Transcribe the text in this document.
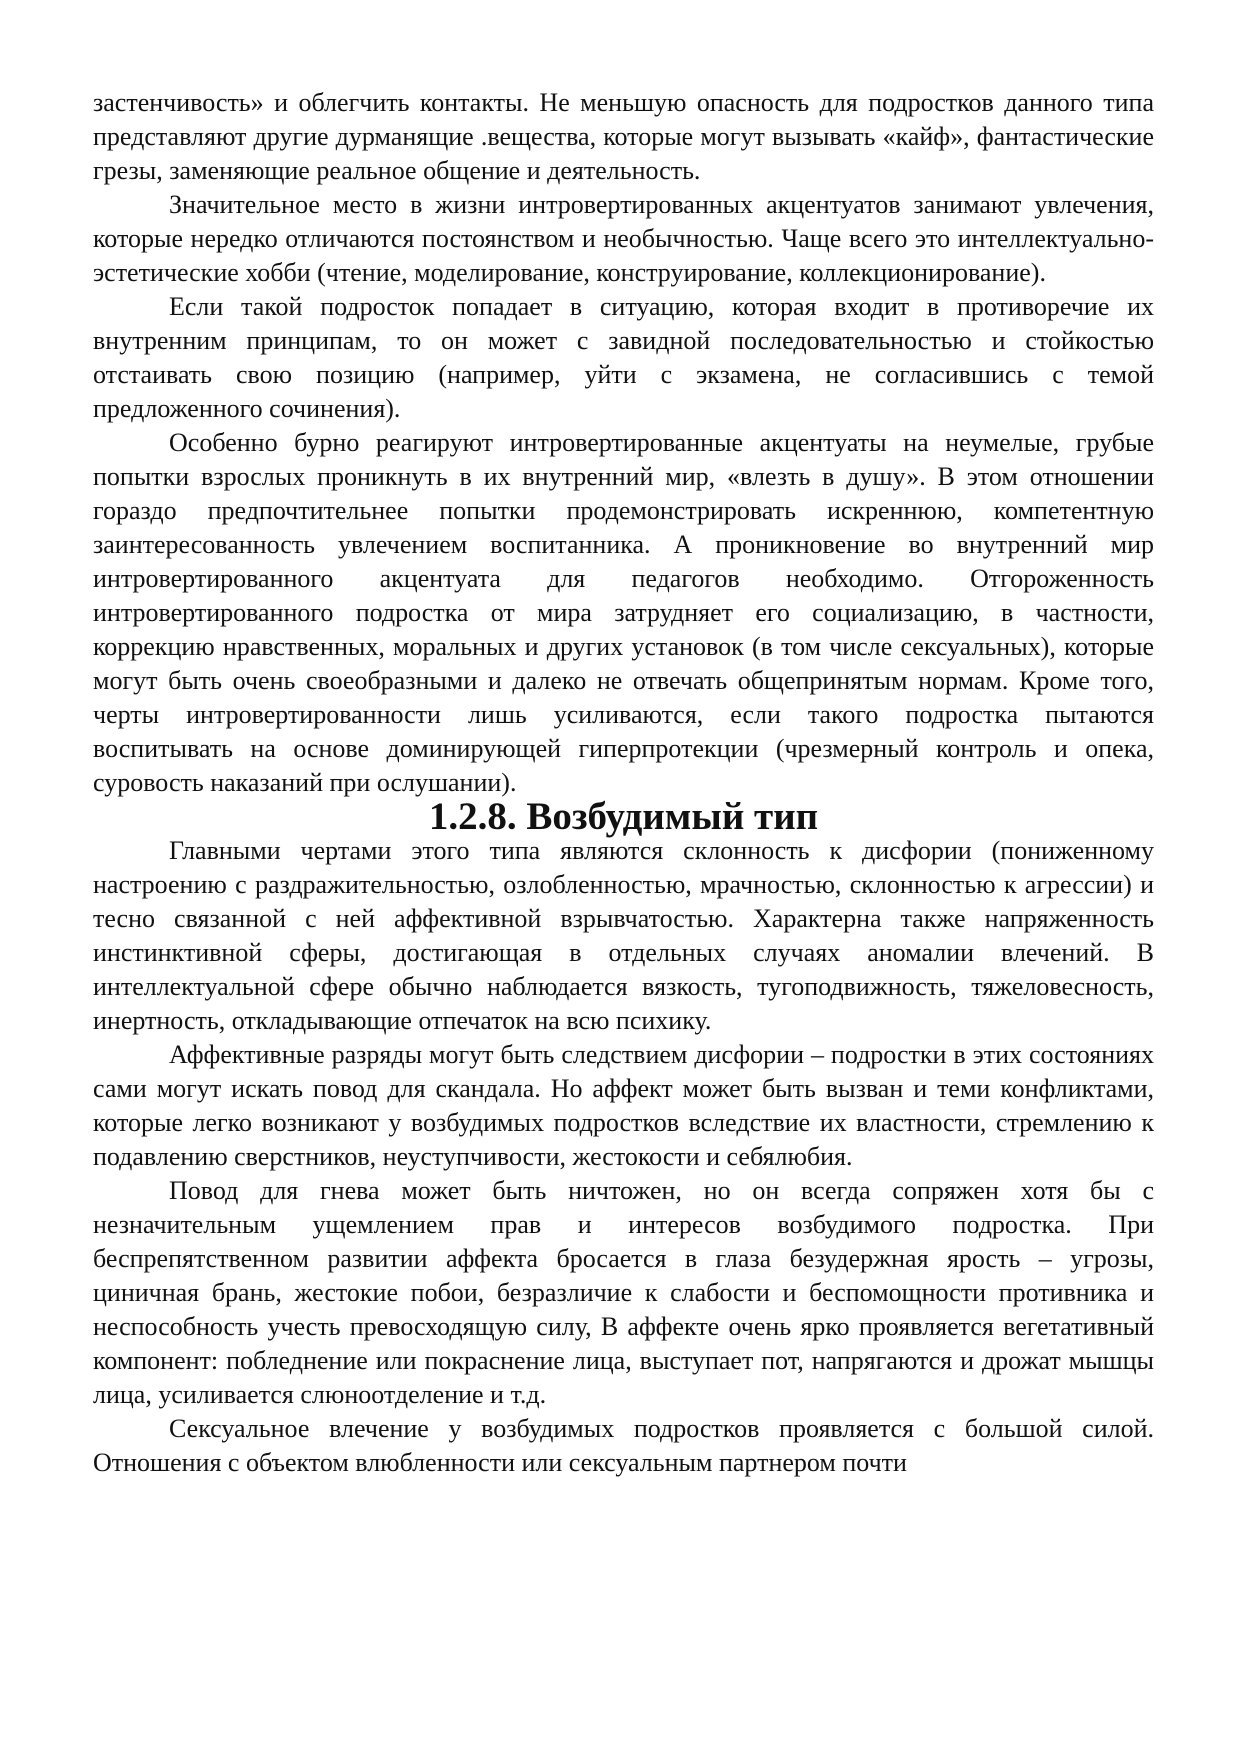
застенчивость» и облегчить контакты. Не меньшую опасность для подростков данного типа представляют другие дурманящие .вещества, которые могут вызывать «кайф», фантастические грезы, заменяющие реальное общение и деятельность.

Значительное место в жизни интровертированных акцентуатов занимают увлечения, которые нередко отличаются постоянством и необычностью. Чаще всего это интеллектуально-эстетические хобби (чтение, моделирование, конструирование, коллекционирование).

Если такой подросток попадает в ситуацию, которая входит в противоречие их внутренним принципам, то он может с завидной последовательностью и стойкостью отстаивать свою позицию (например, уйти с экзамена, не согласившись с темой предложенного сочинения).

Особенно бурно реагируют интровертированные акцентуаты на неумелые, грубые попытки взрослых проникнуть в их внутренний мир, «влезть в душу». В этом отношении гораздо предпочтительнее попытки продемонстрировать искреннюю, компетентную заинтересованность увлечением воспитанника. А проникновение во внутренний мир интровертированного акцентуата для педагогов необходимо. Отгороженность интровертированного подростка от мира затрудняет его социализацию, в частности, коррекцию нравственных, моральных и других установок (в том числе сексуальных), которые могут быть очень своеобразными и далеко не отвечать общепринятым нормам. Кроме того, черты интровертированности лишь усиливаются, если такого подростка пытаются воспитывать на основе доминирующей гиперпротекции (чрезмерный контроль и опека, суровость наказаний при ослушании).

1.2.8. Возбудимый тип

Главными чертами этого типа являются склонность к дисфории (пониженному настроению с раздражительностью, озлобленностью, мрачностью, склонностью к агрессии) и тесно связанной с ней аффективной взрывчатостью. Характерна также напряженность инстинктивной сферы, достигающая в отдельных случаях аномалии влечений. В интеллектуальной сфере обычно наблюдается вязкость, тугоподвижность, тяжеловесность, инертность, откладывающие отпечаток на всю психику.

Аффективные разряды могут быть следствием дисфории – подростки в этих состояниях сами могут искать повод для скандала. Но аффект может быть вызван и теми конфликтами, которые легко возникают у возбудимых подростков вследствие их властности, стремлению к подавлению сверстников, неуступчивости, жестокости и себялюбия.

Повод для гнева может быть ничтожен, но он всегда сопряжен хотя бы с незначительным ущемлением прав и интересов возбудимого подростка. При беспрепятственном развитии аффекта бросается в глаза безудержная ярость – угрозы, циничная брань, жестокие побои, безразличие к слабости и беспомощности противника и неспособность учесть превосходящую силу, В аффекте очень ярко проявляется вегетативный компонент: побледнение или покраснение лица, выступает пот, напрягаются и дрожат мышцы лица, усиливается слюноотделение и т.д.

Сексуальное влечение у возбудимых подростков проявляется с большой силой. Отношения с объектом влюбленности или сексуальным партнером почти
